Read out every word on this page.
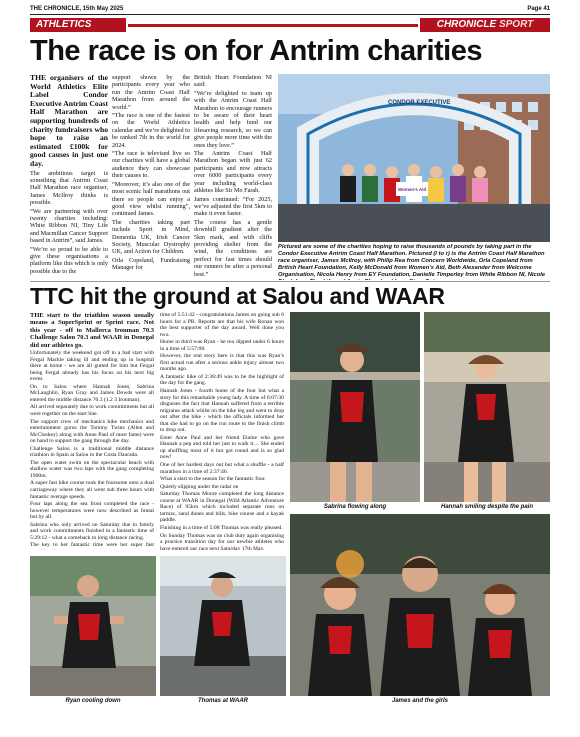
THE CHRONICLE, 15th May 2025	Page 41
ATHLETICS	CHRONICLE SPORT
The race is on for Antrim charities

THE organisers of the World Athletics Elite Label Condor Executive Antrim Coast Half Marathon are supporting hundreds of charity fundraisers who hope to raise an estimated £100k for good causes in just one day.

The ambitious target is something that Antrim Coast Half Marathon race organiser, James McIlroy thinks is possible.

“We are partnering with over twenty charities including: White Ribbon NI, Tiny Life and Macmillan Cancer Support based in Antrim”, said James.

“We’re so proud to be able to give these organisations a platform like this which is only possible due to the

support shown by the participants every year who run the Antrim Coast Half Marathon from around the world.”

“The race is one of the fastest on the World Athletics calendar and we’re delighted to be ranked 7th in the world for 2024.

“The race is televised live so our charities will have a global audience they can showcase their causes to.

“Moreover, it’s also one of the most scenic half marathons out there so people can enjoy a good view whilst running”, continued James.

The charities taking part include Sport in Mind, Dementia UK, Irish Cancer Society, Muscular Dystrophy UK, and Action for Children.

Orla Copeland, Fundraising Manager for

British Heart Foundation NI said:

“We’re delighted to team up with the Antrim Coast Half Marathon to encourage runners to be aware of their heart health and help fund our lifesaving research, so we can give people more time with the ones they love.”

The Antrim Coast Half Marathon began with just 62 participants and now attracts over 6000 participants every year including world-class athletes like Sir Mo Farah.

James continued: “For 2025, we’ve adjusted the first 5km to make it even faster.

The course has a gentle downhill gradient after the 5km mark, and with cliffs providing shelter from the wind, the conditions are perfect for fast times should our runners be after a personal best.”

CONDOR EXECUTIVE
Women’s Aid
Pictured are some of the charities hoping to raise thousands of pounds by taking part in the Condor Executive Antrim Coast Half Marathon. Pictured (l to r) is the Antrim Coast Half Marathon race organiser, James McIlroy, with Philip Rea from Concern Worldwide, Orla Copeland from British Heart Foundation, Kelly McDonald from Women’s Aid, Beth Alexander from Welcome Organisation, Nicola Henry from EY Foundation, Danielle Timperley from White Ribbon NI, Nicole
TTC hit the ground at Salou and WAAR

THE start to the triathlon season usually means a SuperSprint or Sprint race. Not this year - off to Mallorca Ironman 70.3 Challenge Salou 70.3 and WAAR in Donegal did our athletes go.

Unfortunately the weekend got off to a bad start with Fergal Mackle taking ill and ending up in hospital there at home - we are all gutted for him but Fergal being Fergal already has his focus on his next big event.

On to Salou where Hannah Jones, Sabrina McLaughlin, Ryan Gray and James Dowds were all entered the middle distance 70.3 (1.2 3 Ironman).

All arrived separately due to work commitments but all were together on the start line.

The support crew of mechanics bike mechanics and entertainment gurus the Tommy Twins (Allen and McCloskey) along with Anne Paul of most fame) were on hand to support the gang through the day.

Challenge Salou is a traditional middle distance triathlon in Spain at Salou in the Costa Daurada.

The open water swim on the spectacular beach with shallow water was two laps with the gang completing 1900m.

A super fast bike course took the foursome onto a dual carriageway where they all went sub three hours with fantastic average speeds.

Four laps along the sea front completed the race - however temperatures were now described as brutal but by all.

Sabrina who only arrived on Saturday due to family and work commitments finished in a fantastic time of 5:29:12 - what a comeback to long distance racing.

The key to her fantastic time were her super fast

time of 5:51:42 - congratulations James on going sub 6 hours for a PB. Reports are that his wife Ronan won the best supporter of the day award. Well done you two.

Home in third was Ryan - he too dipped under 6 hours in a time of 5:57:08.

However, the real story here is that this was Ryan’s first actual run after a serious ankle injury almost two months ago.

A fantastic bike of 2:38:49 was to be the highlight of the day for the gang.

Hannah Jones - fourth home of the four but what a story for this remarkable young lady. A time of 6:07:30 disguises the fact that Hannah suffered from a terrible migraine attack whilst on the bike leg and went to drop out after the bike - which the officials informed her that she had to go on the run route to the finish climb to drop out.

Enter Anne Paul and her friend Elaine who gave Hannah a pep and told her just to walk it… She ended up shuffling most of it but got round and is so glad now!

One of her hardest days out but what a shuffle - a half marathon in a time of 2:37:46.

What a start to the season for the fantastic four.

Quietly slipping under the radar on

Saturday Thomas Moore completed the long distance course at WAAR in Donegal (Wild Atlantic Adventure Race) of 95km which included separate runs on tarmac, sand dunes and hills, bike course and a kayak paddle.

Finishing in a time of 5:08 Thomas was really pleased.

On Sunday Thomas was on club duty again organising a practice transition day for our newbie athletes who have entered our race next Saturday 17th May.

Sabrina flowing along	Hannah smiling despite the pain
Ryan cooling down	Thomas at WAAR	James and the girls
